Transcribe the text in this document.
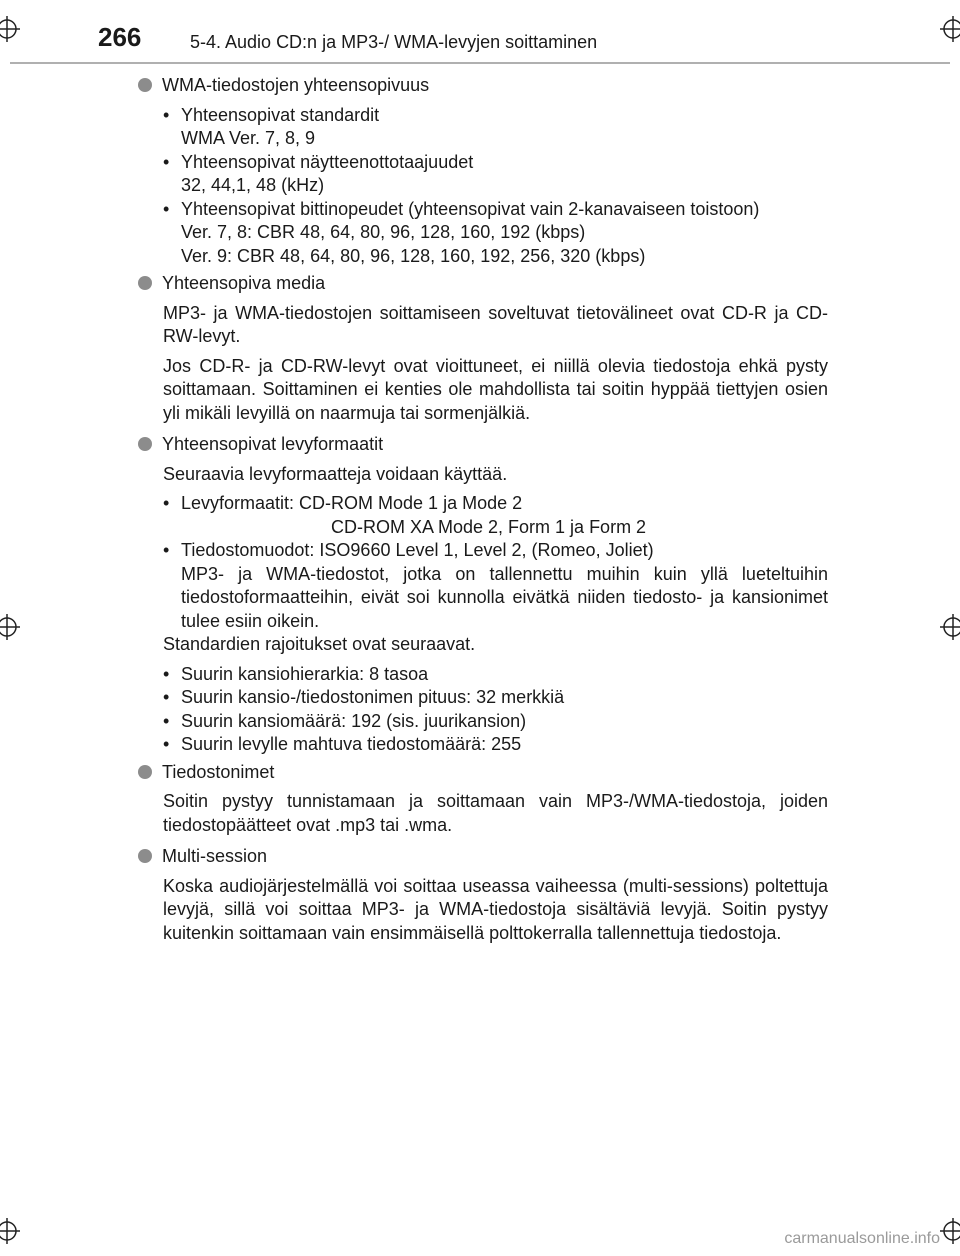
266	5-4. Audio CD:n ja MP3-/ WMA-levyjen soittaminen
WMA-tiedostojen yhteensopivuus
• Yhteensopivat standardit
WMA Ver. 7, 8, 9
• Yhteensopivat näytteenottotaajuudet
32, 44,1, 48 (kHz)
• Yhteensopivat bittinopeudet (yhteensopivat vain 2-kanavaiseen toistoon)
Ver. 7, 8: CBR 48, 64, 80, 96, 128, 160, 192 (kbps)
Ver. 9: CBR 48, 64, 80, 96, 128, 160, 192, 256, 320 (kbps)
Yhteensopiva media
MP3- ja WMA-tiedostojen soittamiseen soveltuvat tietovälineet ovat CD-R ja CD-RW-levyt.
Jos CD-R- ja CD-RW-levyt ovat vioittuneet, ei niillä olevia tiedostoja ehkä pysty soittamaan. Soittaminen ei kenties ole mahdollista tai soitin hyppää tiettyjen osien yli mikäli levyillä on naarmuja tai sormenjälkiä.
Yhteensopivat levyformaatit
Seuraavia levyformaatteja voidaan käyttää.
• Levyformaatit: CD-ROM Mode 1 ja Mode 2
CD-ROM XA Mode 2, Form 1 ja Form 2
• Tiedostomuodot: ISO9660 Level 1, Level 2, (Romeo, Joliet)
MP3- ja WMA-tiedostot, jotka on tallennettu muihin kuin yllä lueteltuihin tiedostoformaatteihin, eivät soi kunnolla eivätkä niiden tiedosto- ja kansionimet tulee esiin oikein.
Standardien rajoitukset ovat seuraavat.
• Suurin kansiohierarkia: 8 tasoa
• Suurin kansio-/tiedostonimen pituus: 32 merkkiä
• Suurin kansiomäärä: 192 (sis. juurikansion)
• Suurin levylle mahtuva tiedostomäärä: 255
Tiedostonimet
Soitin pystyy tunnistamaan ja soittamaan vain MP3-/WMA-tiedostoja, joiden tiedostopäätteet ovat .mp3 tai .wma.
Multi-session
Koska audiojärjestelmällä voi soittaa useassa vaiheessa (multi-sessions) poltettuja levyjä, sillä voi soittaa MP3- ja WMA-tiedostoja sisältäviä levyjä. Soitin pystyy kuitenkin soittamaan vain ensimmäisellä polttokerralla tallennettuja tiedostoja.
carmanualsonline.info
